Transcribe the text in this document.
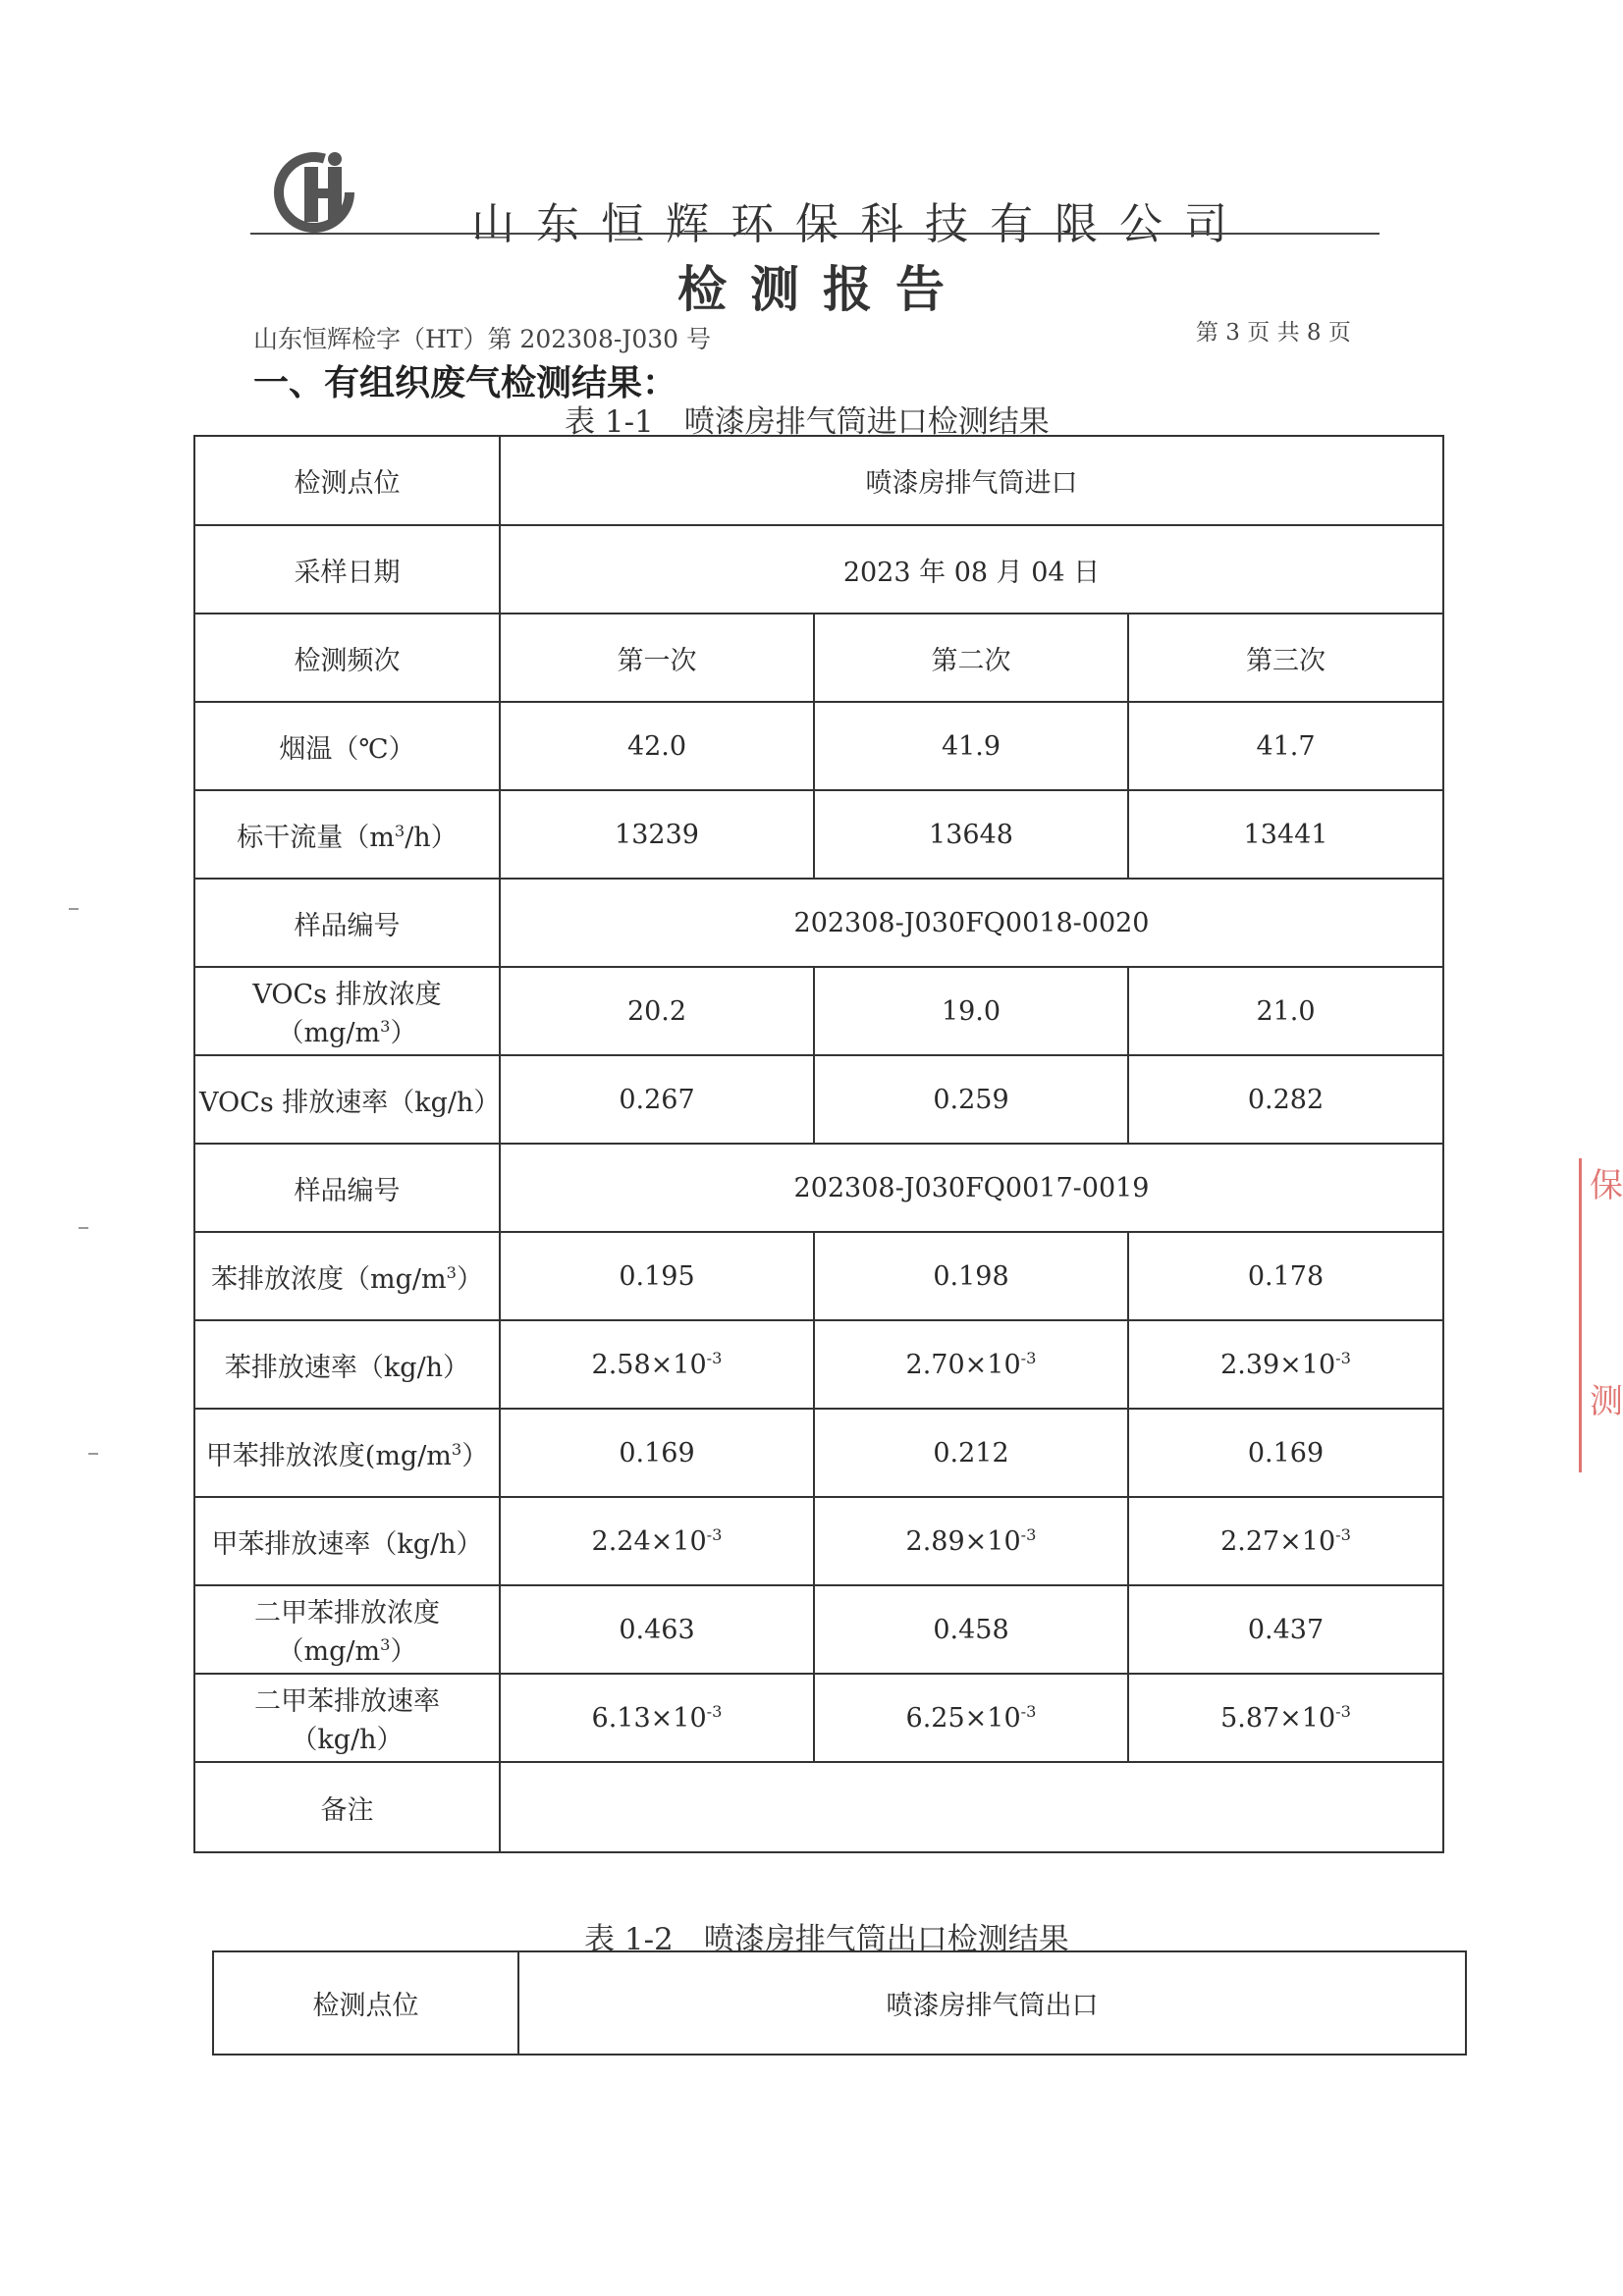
山东恒辉环保科技有限公司
检测报告
山东恒辉检字（HT）第 202308-J030 号	第 3 页 共 8 页
一、有组织废气检测结果：
表 1-1　喷漆房排气筒进口检测结果
检测点位	喷漆房排气筒进口		
采样日期	2023 年 08 月 04 日		
检测频次	第一次	第二次	第三次
烟温（℃）	42.0	41.9	41.7
标干流量$(m^3/h)$	13239	13648	13441
样品编号	202308-J030FQ0018-0020		
VOCs 排放浓度
$(mg/m^3)$	20.2	19.0	21.0
VOCs 排放速率（kg/h）	0.267	0.259	0.282
样品编号	202308-J030FQ0017-0019		
苯排放浓度$(mg/m^3)$	0.195	0.198	0.178
苯排放速率（kg/h）	$2.58\times 10^{-3}$	$2.70\times 10^{-3}$	$2.39\times 10^{-3}$
甲苯排放浓度$(mg/m^3)$	0.169	0.212	0.169
甲苯排放速率（kg/h）	$2.24\times 10^{-3}$	$2.89\times 10^{-3}$	$2.27\times 10^{-3}$
二甲苯排放浓度
$(mg/m^3)$	0.463	0.458	0.437
二甲苯排放速率
（kg/h）	$6.13\times 10^{-3}$	$6.25\times 10^{-3}$	$5.87\times 10^{-3}$
备注			
表 1-2　喷漆房排气筒出口检测结果
检测点位	喷漆房排气筒出口
保
测
